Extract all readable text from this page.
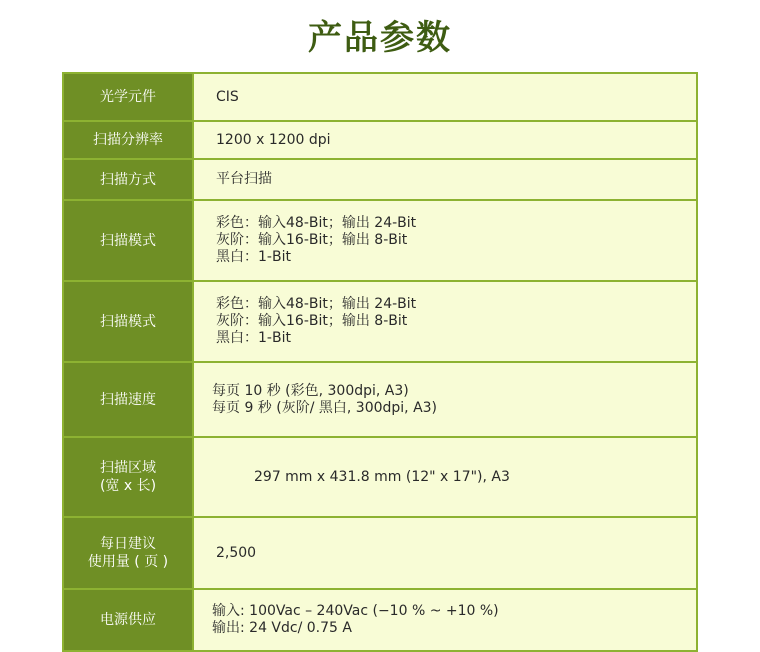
产品参数
光学元件	CIS

扫描分辨率	1200 x 1200 dpi

扫描方式	平台扫描

扫描模式	彩色：输入48-Bit；输出 24-Bit
灰阶：输入16-Bit；输出 8-Bit
黑白：1-Bit

扫描模式	彩色：输入48-Bit；输出 24-Bit
灰阶：输入16-Bit；输出 8-Bit
黑白：1-Bit

扫描速度	每页 10 秒 (彩色, 300dpi, A3)
每页 9 秒 (灰阶/ 黑白, 300dpi, A3)

扫描区域
(宽 x 长)	297 mm x 431.8 mm (12" x 17"), A3

每日建议
使用量 ( 页 )	2,500

电源供应	输入: 100Vac – 240Vac (−10 % ~ +10 %)
输出: 24 Vdc/ 0.75 A
